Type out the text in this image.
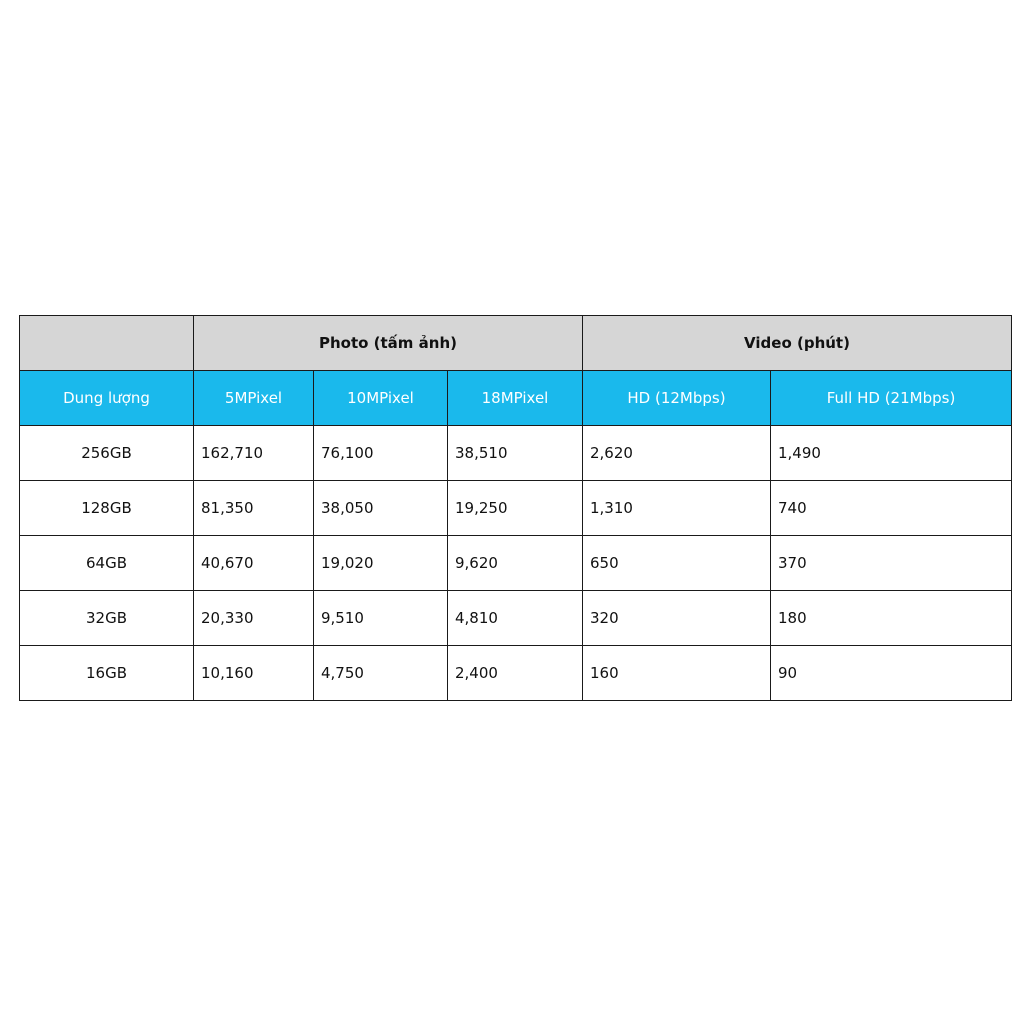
	Photo (tấm ảnh)			Video (phút)	
Dung lượng	5MPixel	10MPixel	18MPixel	HD (12Mbps)	Full HD (21Mbps)
256GB	162,710	76,100	38,510	2,620	1,490
128GB	81,350	38,050	19,250	1,310	740
64GB	40,670	19,020	9,620	650	370
32GB	20,330	9,510	4,810	320	180
16GB	10,160	4,750	2,400	160	90
